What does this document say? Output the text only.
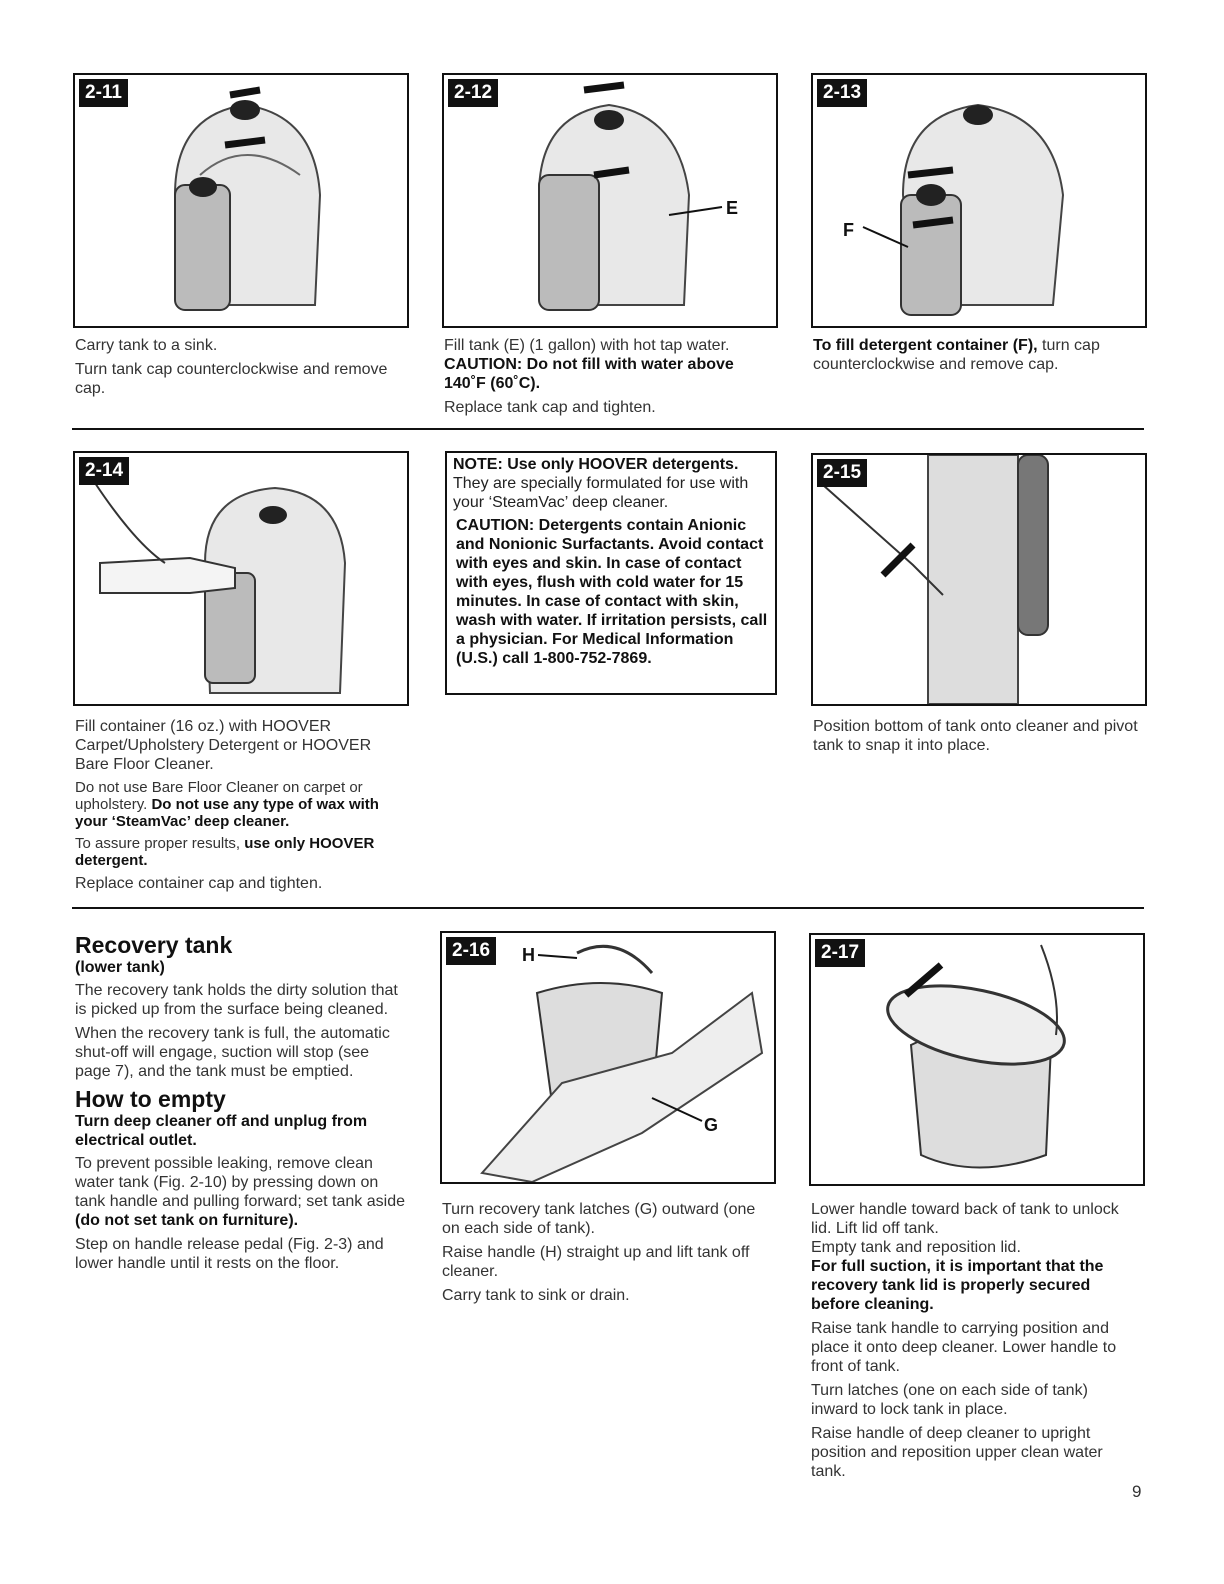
2-11	2-12
E
2-13
F

Carry tank to a sink.

Turn tank cap counterclockwise and remove cap.

Fill tank (E) (1 gallon) with hot tap water.

CAUTION: Do not fill with water above 140˚F (60˚C).

Replace tank cap and tighten.

To fill detergent container (F), turn cap counterclockwise and remove cap.

2-14	NOTE: Use only HOOVER detergents.

They are specially formulated for use with your ‘SteamVac’ deep cleaner.

CAUTION: Detergents contain Anionic and Nonionic Surfactants. Avoid contact with eyes and skin. In case of contact with eyes, flush with cold water for 15 minutes. In case of contact with skin, wash with water. If irritation persists, call a physician. For Medical Information (U.S.) call 1-800-752-7869.

2-15

Fill container (16 oz.) with HOOVER Carpet/Upholstery Detergent or HOOVER Bare Floor Cleaner.

Do not use Bare Floor Cleaner on carpet or upholstery. Do not use any type of wax with your ‘SteamVac’ deep cleaner.

To assure proper results, use only HOOVER detergent.

Replace container cap and tighten.

Position bottom of tank onto cleaner and pivot tank to snap it into place.

Recovery tank
(lower tank)

The recovery tank holds the dirty solution that is picked up from the surface being cleaned.

When the recovery tank is full, the automatic shut-off will engage, suction will stop (see page 7), and the tank must be emptied.

How to empty
Turn deep cleaner off and unplug from electrical outlet.

To prevent possible leaking, remove clean water tank (Fig. 2-10) by pressing down on tank handle and pulling forward; set tank aside (do not set tank on furniture).

Step on handle release pedal (Fig. 2-3) and lower handle until it rests on the floor.

2-16	H
G
2-17

Turn recovery tank latches (G) outward (one on each side of tank).

Raise handle (H) straight up and lift tank off cleaner.

Carry tank to sink or drain.

Lower handle toward back of tank to unlock lid. Lift lid off tank.

Empty tank and reposition lid.

For full suction, it is important that the recovery tank lid is properly secured before cleaning.

Raise tank handle to carrying position and place it onto deep cleaner. Lower handle to front of tank.

Turn latches (one on each side of tank) inward to lock tank in place.

Raise handle of deep cleaner to upright position and reposition upper clean water tank.

9
